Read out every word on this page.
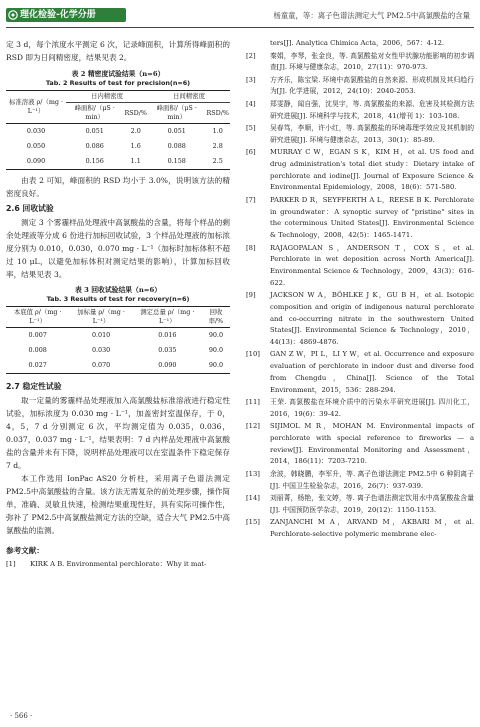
理化检验-化学分册	杨童童，等：离子色谱法测定大气 PM2.5中高氯酸盐的含量

定 3 d，每个浓度水平测定 6 次，记录峰面积，计算所得峰面积的 RSD 即为日间精密度，结果见表 2。

表 2 精密度试验结果（n=6）

Tab. 2 Results of test for precision(n=6)

标准溶液 ρ/（mg · L⁻¹）	日内精密度		日间精密度	
	峰面积/（μS · min）	RSD/%	峰面积/（μS · min）	RSD/%
0.030	0.051	2.0	0.051	1.0
0.050	0.086	1.6	0.088	2.8
0.090	0.156	1.1	0.158	2.5

由表 2 可知，峰面积的 RSD 均小于 3.0%，说明该方法的精密度良好。

2.6 回收试验

测定 3 个雾霾样品处理液中高氯酸盐的含量，将每个样品的剩余处理液等分成 6 份进行加标回收试验，3 个样品处理液的加标浓度分别为 0.010，0.030，0.070 mg · L⁻¹（加标时加标体积不超过 10 μL，以避免加标体积对测定结果的影响），计算加标回收率，结果见表 3。

表 3 回收试验结果（n=6）

Tab. 3 Results of test for recovery(n=6)

本底值 ρ/（mg · L⁻¹）	加标量 ρ/（mg · L⁻¹）	测定总量 ρ/（mg · L⁻¹）	回收率/%
0.007	0.010	0.016	90.0
0.008	0.030	0.035	90.0
0.027	0.070	0.090	90.0

2.7 稳定性试验

取一定量的雾霾样品处理液加入高氯酸盐标准溶液进行稳定性试验，加标浓度为 0.030 mg · L⁻¹，加盖密封室温保存，于 0，4，5，7 d 分别测定 6 次，平均测定值为 0.035，0.036，0.037，0.037 mg · L⁻¹，结果表明：7 d 内样品处理液中高氯酸盐的含量并未有下降，说明样品处理液可以在室温条件下稳定保存 7 d。

本工作选用 IonPac AS20 分析柱，采用离子色谱法测定 PM2.5中高氯酸盐的含量。该方法无需复杂的前处理步骤，操作简单，准确、灵敏且快速，检测结果重现性好，具有实际可操作性，弥补了 PM2.5中高氯酸盐测定方法的空缺，适合大气 PM2.5中高氯酸盐的监测。

参考文献：

[1] KIRK A B. Environmental perchlorate：Why it mat-

ters[J]. Analytica Chimica Acta，2006，567：4-12.

[2] 秦娟，李琴，张金良，等. 高氯酸盐对女性甲状腺功能影响的初步调查[J]. 环境与健康杂志，2010，27(11)：970-973.

[3] 方齐乐，陈宝梁. 环境中高氯酸盐的自然来源、形成机制及其归趋行为[J]. 化学进展，2012，24(10)：2040-2053.

[4] 郑雯静，闻自强，沈昊宇，等. 高氯酸盐的来源、危害及其检测方法研究进展[J]. 环境科学与技术，2018，41(增刊 1)：103-108.

[5] 吴春笃，李顺，许小红，等. 高氯酸盐的环境毒理学效应及其机制的研究进展[J]. 环境与健康杂志，2013，30(1)：85-89.

[6] MURRAY C W，EGAN S K，KIM H，et al. US food and drug administration's total diet study：Dietary intake of perchlorate and iodine[J]. Journal of Exposure Science & Environmental Epidemiology，2008，18(6)：571-580.

[7] PARKER D R，SEYFFERTH A L，REESE B K. Perchlorate in groundwater：A synoptic survey of "pristine" sites in the coterminous United States[J]. Environmental Science & Technology，2008，42(5)：1465-1471.

[8] RAJAGOPALAN S，ANDERSON T，COX S，et al. Perchlorate in wet deposition across North America[J]. Environmental Science & Technology，2009，43(3)：616-622.

[9] JACKSON W A，BÖHLKE J K，GU B H，et al. Isotopic composition and origin of indigenous natural perchlorate and co-occurring nitrate in the southwestern United States[J]. Environmental Science & Technology，2010，44(13)：4869-4876.

[10] GAN Z W，PI L，LI Y W，et al. Occurrence and exposure evaluation of perchlorate in indoor dust and diverse food from Chengdu，China[J]. Science of the Total Environment，2015，536：288-294.

[11] 王荣. 高氯酸盐在环境介质中的污染水平研究进展[J]. 四川化工，2016，19(6)：39-42.

[12] SIJIMOL M R，MOHAN M. Environmental impacts of perchlorate with special reference to fireworks — a review[J]. Environmental Monitoring and Assessment，2014，186(11)：7203-7210.

[13] 余波，韩晓鹏，李军升，等. 离子色谱法测定 PM2.5中 6 种阴离子[J]. 中国卫生检验杂志，2016，26(7)：937-939.

[14] 刘丽菁，杨艳，张文婷，等. 离子色谱法测定饮用水中高氯酸盐含量[J]. 中国预防医学杂志，2019，20(12)：1150-1153.

[15] ZANJANCHI M A，ARVAND M，AKBARI M，et al. Perchlorate-selective polymeric membrane elec-

· 566 ·
